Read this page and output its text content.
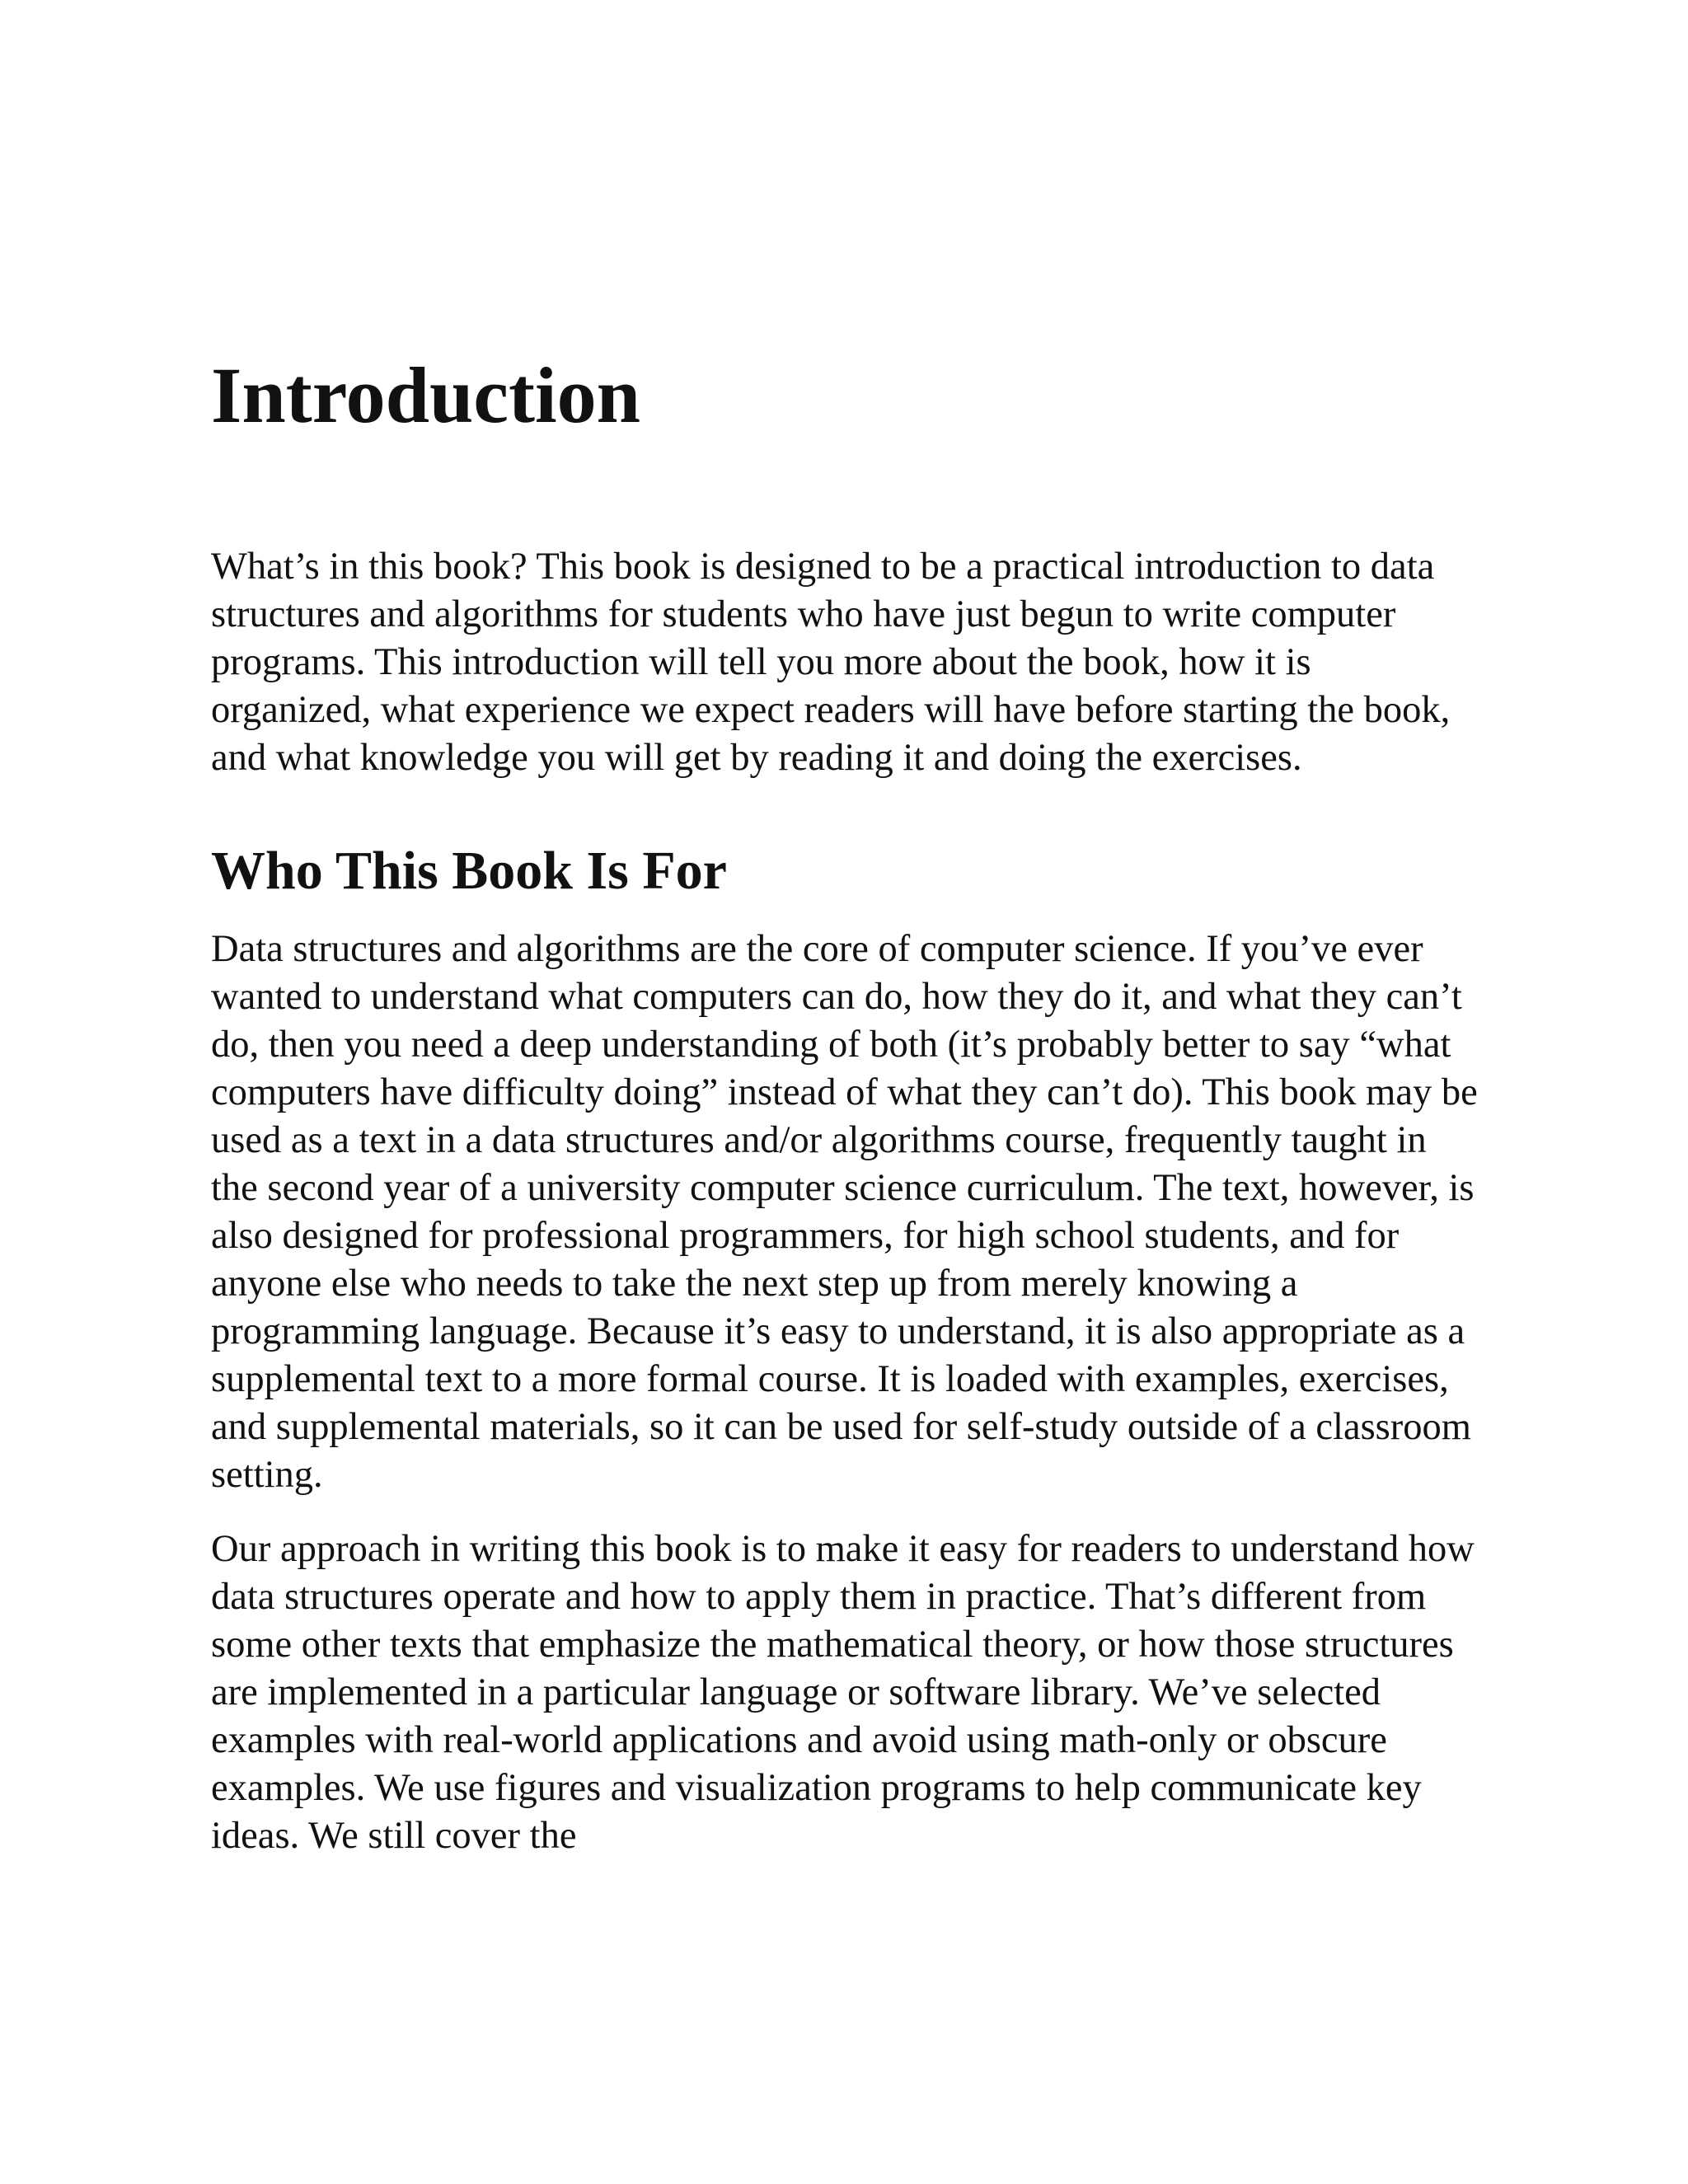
Introduction

What’s in this book? This book is designed to be a practical introduction to data structures and algorithms for students who have just begun to write computer programs. This introduction will tell you more about the book, how it is organized, what experience we expect readers will have before starting the book, and what knowledge you will get by reading it and doing the exercises.

Who This Book Is For

Data structures and algorithms are the core of computer science. If you’ve ever wanted to understand what computers can do, how they do it, and what they can’t do, then you need a deep understanding of both (it’s probably better to say “what computers have difficulty doing” instead of what they can’t do). This book may be used as a text in a data structures and/or algorithms course, frequently taught in the second year of a university computer science curriculum. The text, however, is also designed for professional programmers, for high school students, and for anyone else who needs to take the next step up from merely knowing a programming language. Because it’s easy to understand, it is also appropriate as a supplemental text to a more formal course. It is loaded with examples, exercises, and supplemental materials, so it can be used for self-study outside of a classroom setting.

Our approach in writing this book is to make it easy for readers to understand how data structures operate and how to apply them in practice. That’s different from some other texts that emphasize the mathematical theory, or how those structures are implemented in a particular language or software library. We’ve selected examples with real-world applications and avoid using math-only or obscure examples. We use figures and visualization programs to help communicate key ideas. We still cover the
